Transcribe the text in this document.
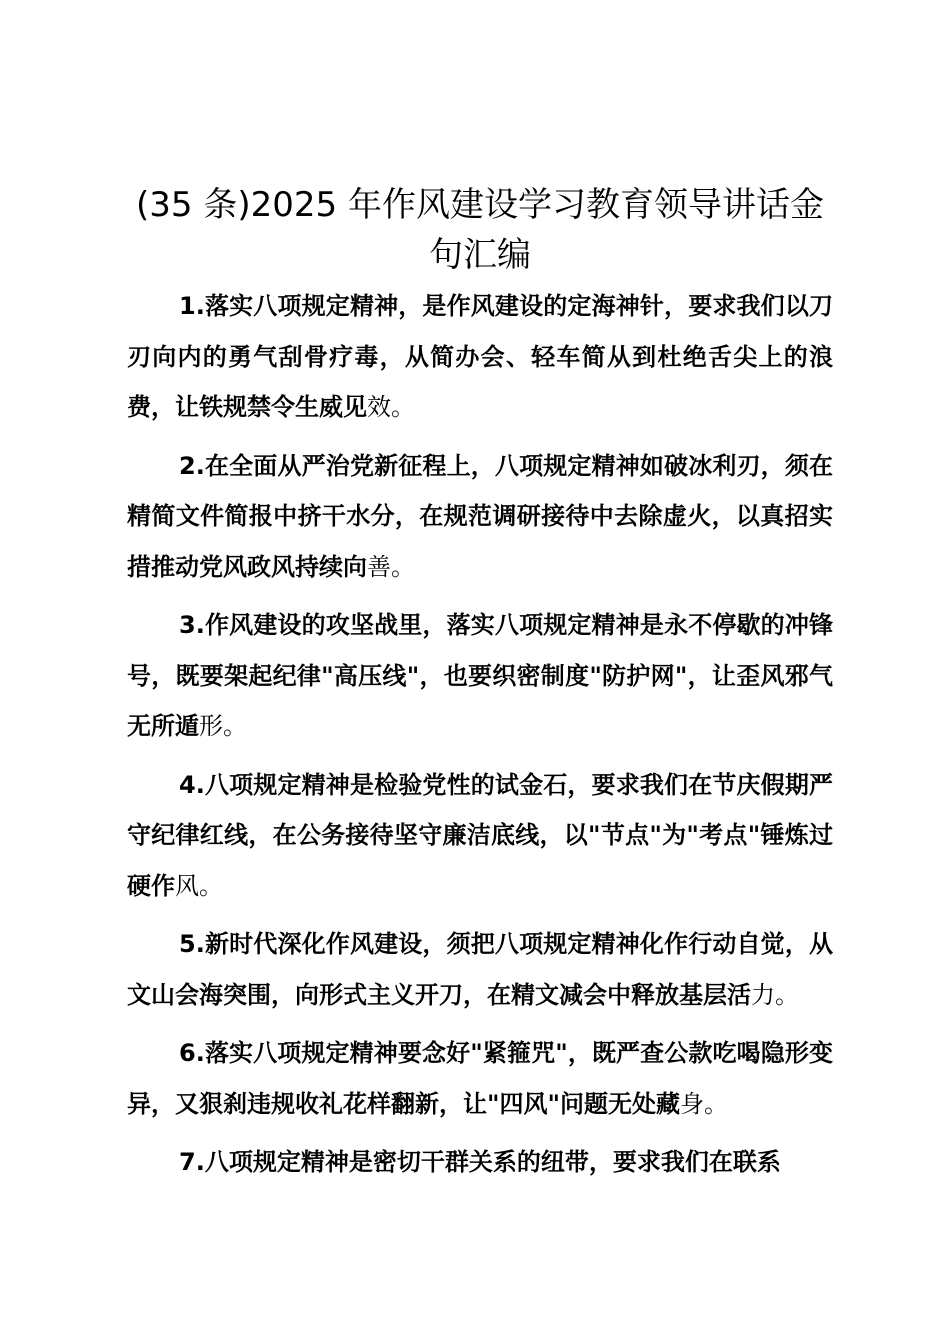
(35 条)2025 年作风建设学习教育领导讲话金句汇编

1.落实八项规定精神，是作风建设的定海神针，要求我们以刀刃向内的勇气刮骨疗毒，从简办会、轻车简从到杜绝舌尖上的浪费，让铁规禁令生威见效。

2.在全面从严治党新征程上，八项规定精神如破冰利刃，须在精简文件简报中挤干水分，在规范调研接待中去除虚火，以真招实措推动党风政风持续向善。

3.作风建设的攻坚战里，落实八项规定精神是永不停歇的冲锋号，既要架起纪律"高压线"，也要织密制度"防护网"，让歪风邪气无所遁形。

4.八项规定精神是检验党性的试金石，要求我们在节庆假期严守纪律红线，在公务接待坚守廉洁底线，以"节点"为"考点"锤炼过硬作风。

5.新时代深化作风建设，须把八项规定精神化作行动自觉，从文山会海突围，向形式主义开刀，在精文减会中释放基层活力。

6.落实八项规定精神要念好"紧箍咒"，既严查公款吃喝隐形变异，又狠刹违规收礼花样翻新，让"四风"问题无处藏身。

7.八项规定精神是密切干群关系的纽带，要求我们在联系
